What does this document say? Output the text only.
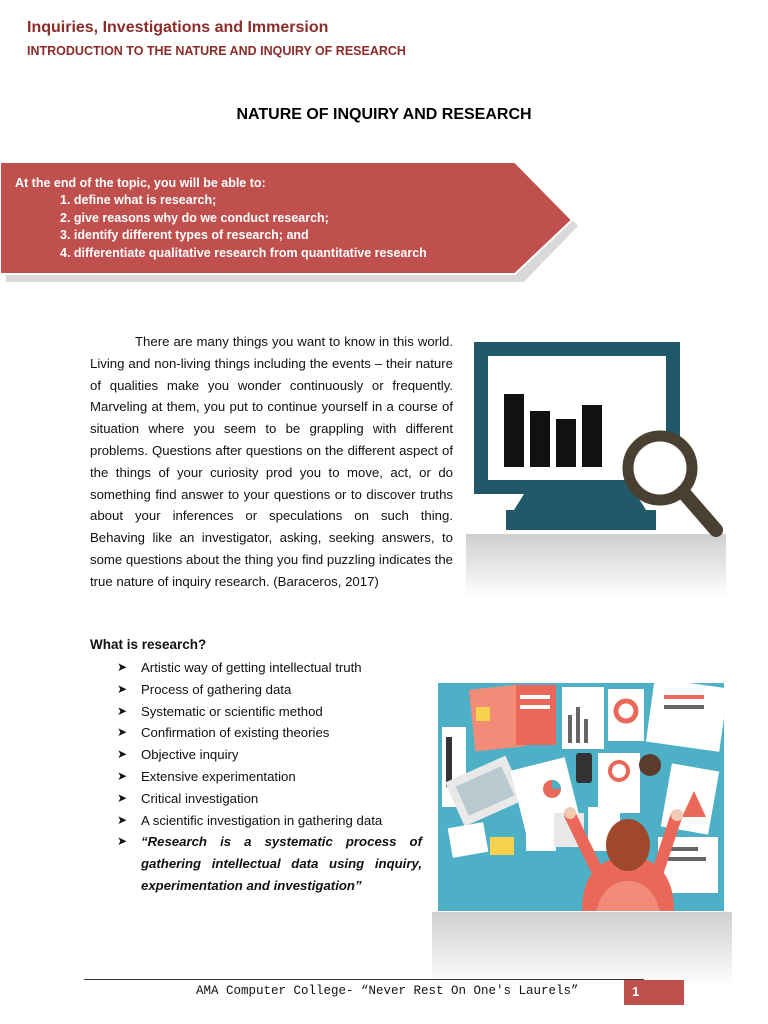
Inquiries, Investigations and Immersion
INTRODUCTION TO THE NATURE AND INQUIRY OF RESEARCH
NATURE OF INQUIRY AND RESEARCH
At the end of the topic, you will be able to:
1. define what is research;
2. give reasons why do we conduct research;
3. identify different types of research; and
4. differentiate qualitative research from quantitative research

There are many things you want to know in this world. Living and non-living things including the events – their nature of qualities make you wonder continuously or frequently. Marveling at them, you put to continue yourself in a course of situation where you seem to be grappling with different problems. Questions after questions on the different aspect of the things of your curiosity prod you to move, act, or do something find answer to your questions or to discover truths about your inferences or speculations on such thing. Behaving like an investigator, asking, seeking answers, to some questions about the thing you find puzzling indicates the true nature of inquiry research. (Baraceros, 2017)

What is research?
➤ Artistic way of getting intellectual truth
➤ Process of gathering data
➤ Systematic or scientific method
➤ Confirmation of existing theories
➤ Objective inquiry
➤ Extensive experimentation
➤ Critical investigation
➤ A scientific investigation in gathering data
➤ “Research is a systematic process of gathering intellectual data using inquiry, experimentation and investigation”
AMA Computer College- “Never Rest On One's Laurels”	1
